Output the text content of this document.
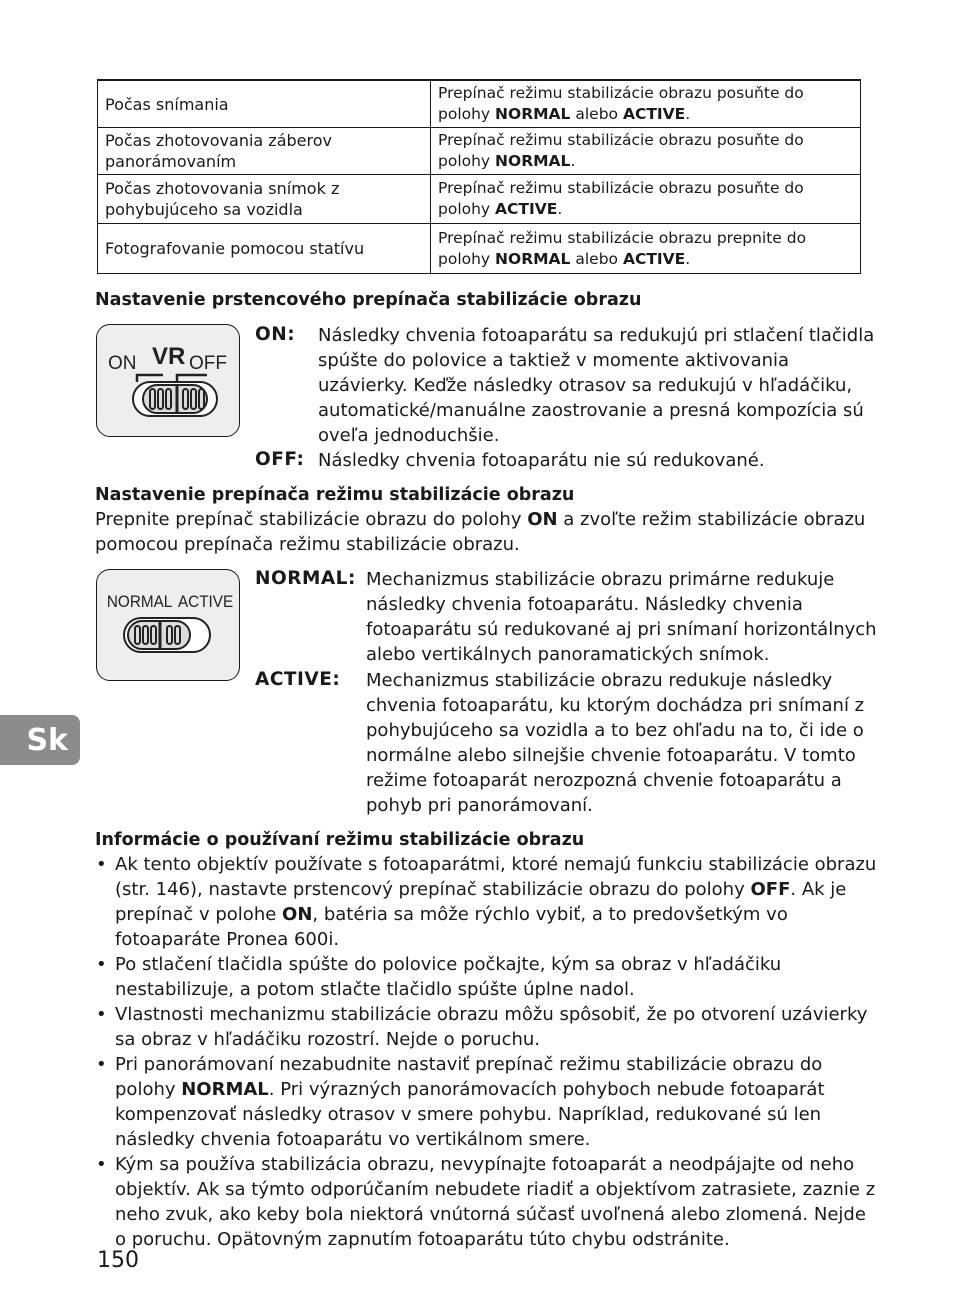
Počas snímania	Prepínač režimu stabilizácie obrazu posuňte do polohy NORMAL alebo ACTIVE.
Počas zhotovovania záberov panorámovaním	Prepínač režimu stabilizácie obrazu posuňte do polohy NORMAL.
Počas zhotovovania snímok z pohybujúceho sa vozidla	Prepínač režimu stabilizácie obrazu posuňte do polohy ACTIVE.
Fotografovanie pomocou statívu	Prepínač režimu stabilizácie obrazu prepnite do polohy NORMAL alebo ACTIVE.
Nastavenie prstencového prepínača stabilizácie obrazu
ON VR OFF
ON: Následky chvenia fotoaparátu sa redukujú pri stlačení tlačidla spúšte do polovice a taktiež v momente aktivovania uzávierky. Keďže následky otrasov sa redukujú v hľadáčiku, automatické/manuálne zaostrovanie a presná kompozícia sú oveľa jednoduchšie.
OFF: Následky chvenia fotoaparátu nie sú redukované.
Nastavenie prepínača režimu stabilizácie obrazu
Prepnite prepínač stabilizácie obrazu do polohy ON a zvoľte režim stabilizácie obrazu pomocou prepínača režimu stabilizácie obrazu.
NORMAL ACTIVE
NORMAL: Mechanizmus stabilizácie obrazu primárne redukuje následky chvenia fotoaparátu. Následky chvenia fotoaparátu sú redukované aj pri snímaní horizontálnych alebo vertikálnych panoramatických snímok.
ACTIVE: Mechanizmus stabilizácie obrazu redukuje následky chvenia fotoaparátu, ku ktorým dochádza pri snímaní z pohybujúceho sa vozidla a to bez ohľadu na to, či ide o normálne alebo silnejšie chvenie fotoaparátu. V tomto režime fotoaparát nerozpozná chvenie fotoaparátu a pohyb pri panorámovaní.
Informácie o používaní režimu stabilizácie obrazu
• Ak tento objektív používate s fotoaparátmi, ktoré nemajú funkciu stabilizácie obrazu (str. 146), nastavte prstencový prepínač stabilizácie obrazu do polohy OFF. Ak je prepínač v polohe ON, batéria sa môže rýchlo vybiť, a to predovšetkým vo fotoaparáte Pronea 600i.
• Po stlačení tlačidla spúšte do polovice počkajte, kým sa obraz v hľadáčiku nestabilizuje, a potom stlačte tlačidlo spúšte úplne nadol.
• Vlastnosti mechanizmu stabilizácie obrazu môžu spôsobiť, že po otvorení uzávierky sa obraz v hľadáčiku rozostrí. Nejde o poruchu.
• Pri panorámovaní nezabudnite nastaviť prepínač režimu stabilizácie obrazu do polohy NORMAL. Pri výrazných panorámovacích pohyboch nebude fotoaparát kompenzovať následky otrasov v smere pohybu. Napríklad, redukované sú len následky chvenia fotoaparátu vo vertikálnom smere.
• Kým sa používa stabilizácia obrazu, nevypínajte fotoaparát a neodpájajte od neho objektív. Ak sa týmto odporúčaním nebudete riadiť a objektívom zatrasiete, zaznie z neho zvuk, ako keby bola niektorá vnútorná súčasť uvoľnená alebo zlomená. Nejde o poruchu. Opätovným zapnutím fotoaparátu túto chybu odstránite.
Sk
150
